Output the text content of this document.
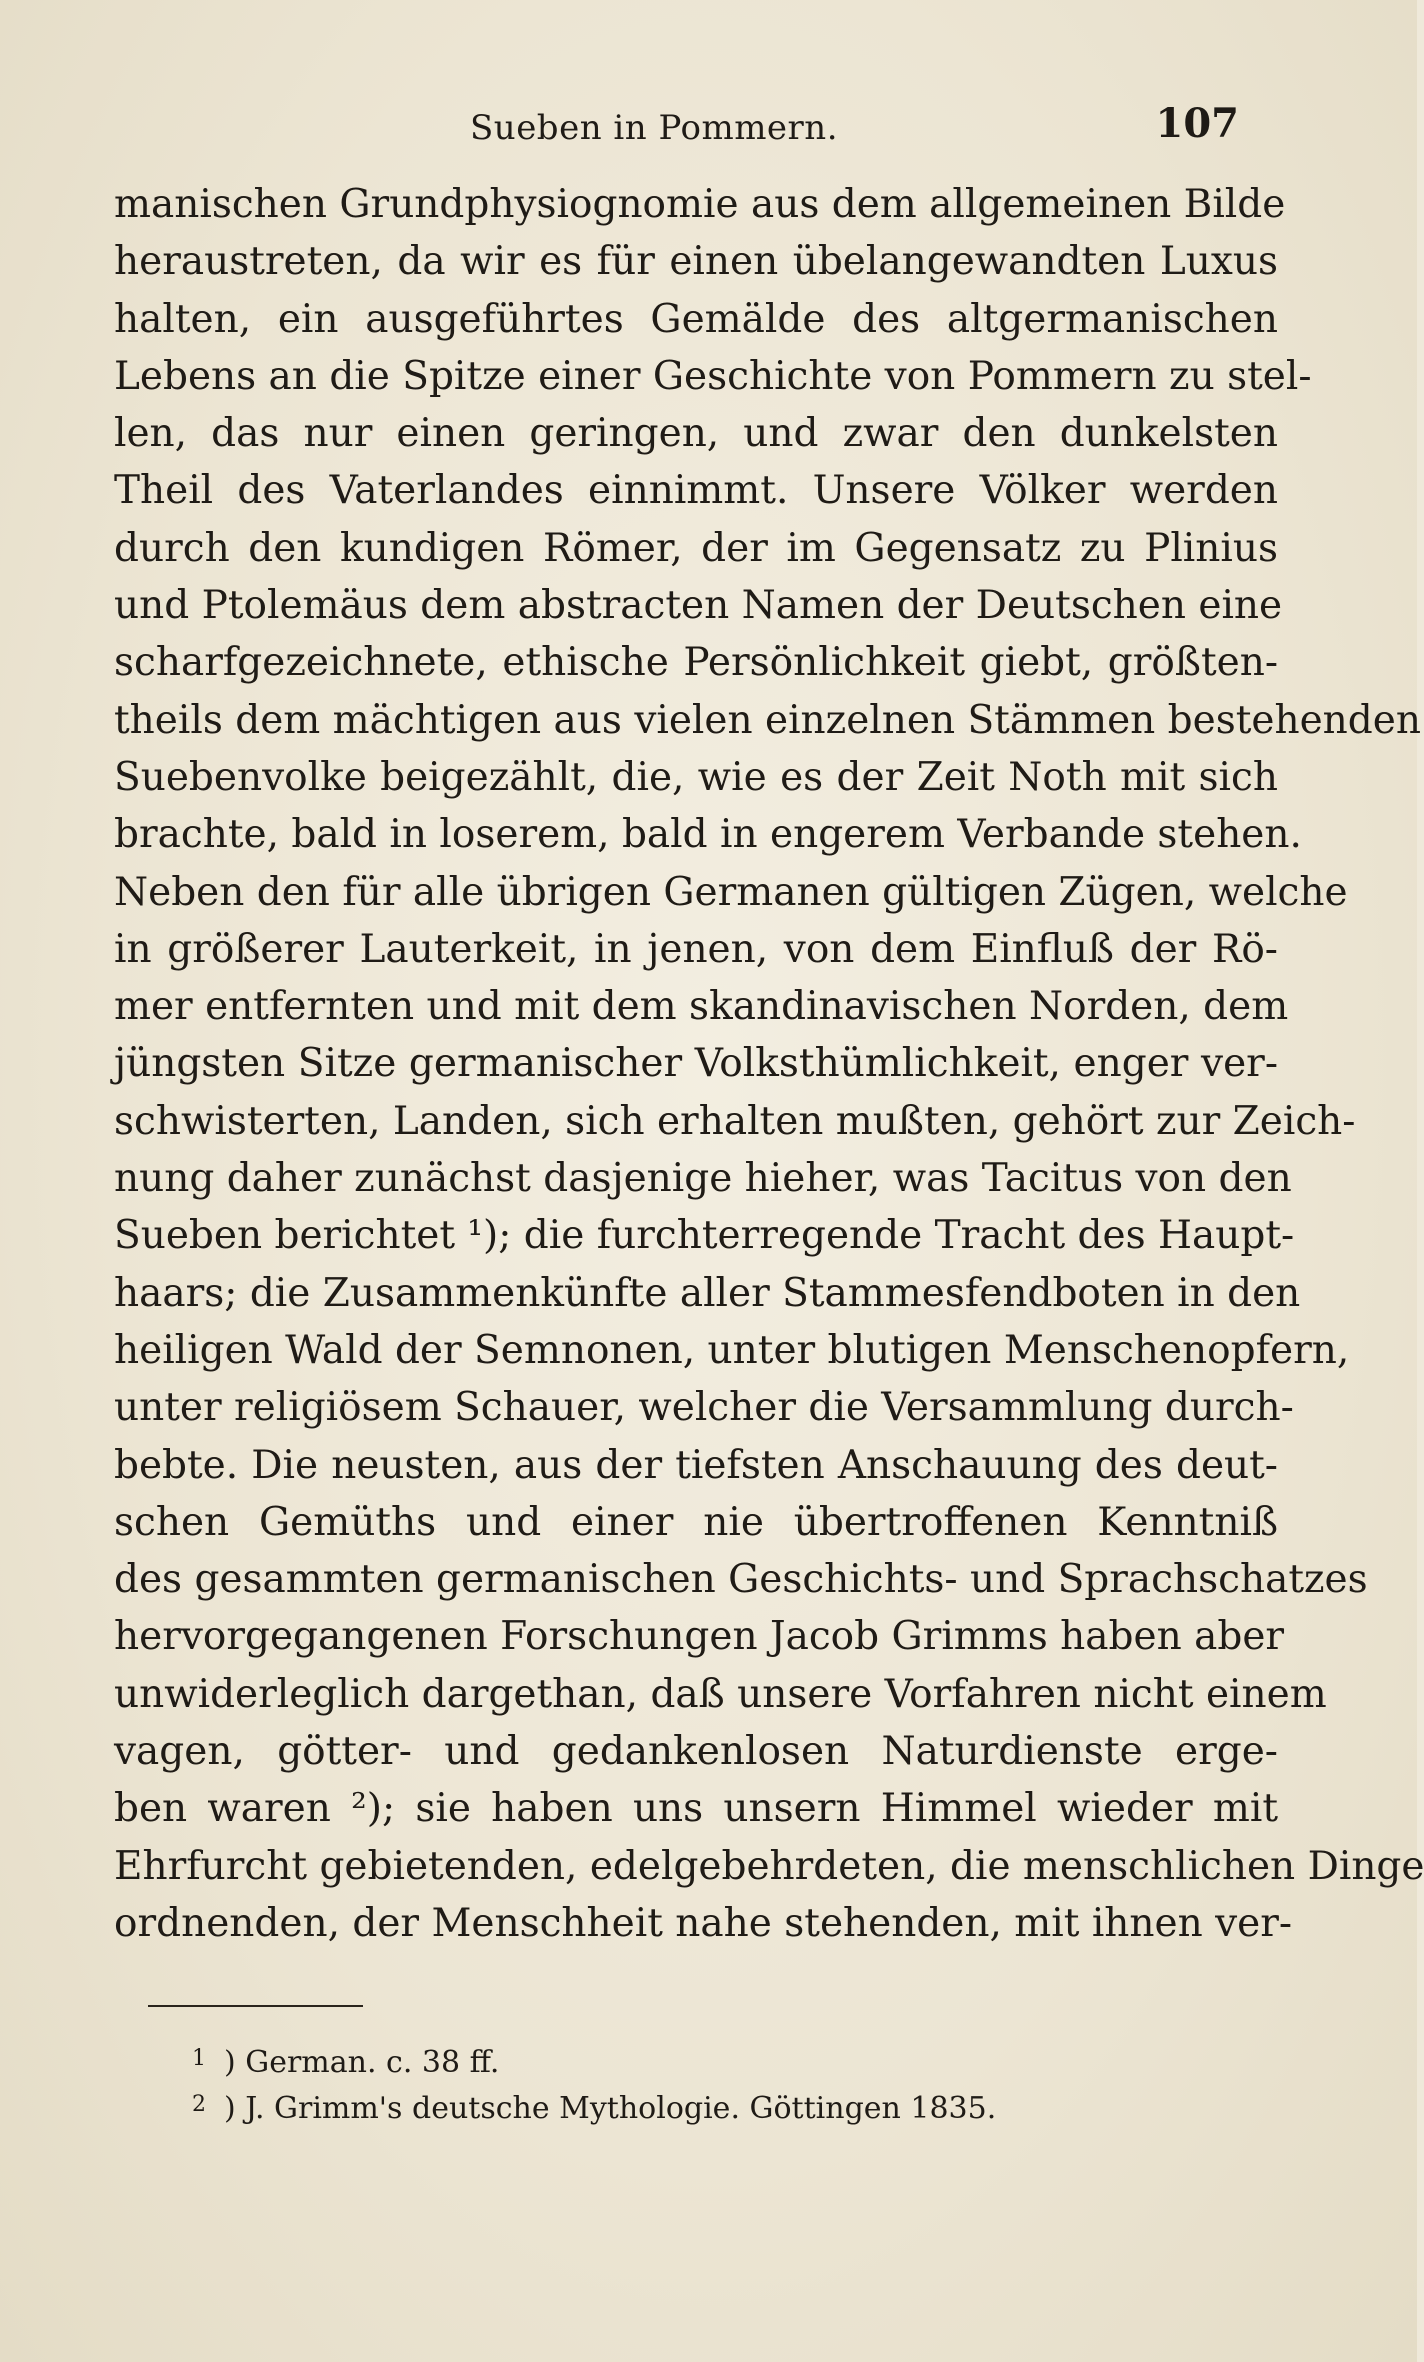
Sueben in Pommern.	107
manischen Grundphysiognomie aus dem allgemeinen Bilde
heraustreten, da wir es für einen übelangewandten Luxus
halten, ein ausgeführtes Gemälde des altgermanischen
Lebens an die Spitze einer Geschichte von Pommern zu stel-
len, das nur einen geringen, und zwar den dunkelsten
Theil des Vaterlandes einnimmt. Unsere Völker werden
durch den kundigen Römer, der im Gegensatz zu Plinius
und Ptolemäus dem abstracten Namen der Deutschen eine
scharfgezeichnete, ethische Persönlichkeit giebt, größten-
theils dem mächtigen aus vielen einzelnen Stämmen bestehenden
Suebenvolke beigezählt, die, wie es der Zeit Noth mit sich
brachte, bald in loserem, bald in engerem Verbande stehen.
Neben den für alle übrigen Germanen gültigen Zügen, welche
in größerer Lauterkeit, in jenen, von dem Einfluß der Rö-
mer entfernten und mit dem skandinavischen Norden, dem
jüngsten Sitze germanischer Volksthümlichkeit, enger ver-
schwisterten, Landen, sich erhalten mußten, gehört zur Zeich-
nung daher zunächst dasjenige hieher, was Tacitus von den
Sueben berichtet ¹); die furchterregende Tracht des Haupt-
haars; die Zusammenkünfte aller Stammesfendboten in den
heiligen Wald der Semnonen, unter blutigen Menschenopfern,
unter religiösem Schauer, welcher die Versammlung durch-
bebte. Die neusten, aus der tiefsten Anschauung des deut-
schen Gemüths und einer nie übertroffenen Kenntniß
des gesammten germanischen Geschichts- und Sprachschatzes
hervorgegangenen Forschungen Jacob Grimms haben aber
unwiderleglich dargethan, daß unsere Vorfahren nicht einem
vagen, götter- und gedankenlosen Naturdienste erge-
ben waren ²); sie haben uns unsern Himmel wieder mit
Ehrfurcht gebietenden, edelgebehrdeten, die menschlichen Dinge
ordnenden, der Menschheit nahe stehenden, mit ihnen ver-
1 ) German. c. 38 ff.
2 ) J. Grimm's deutsche Mythologie. Göttingen 1835.
